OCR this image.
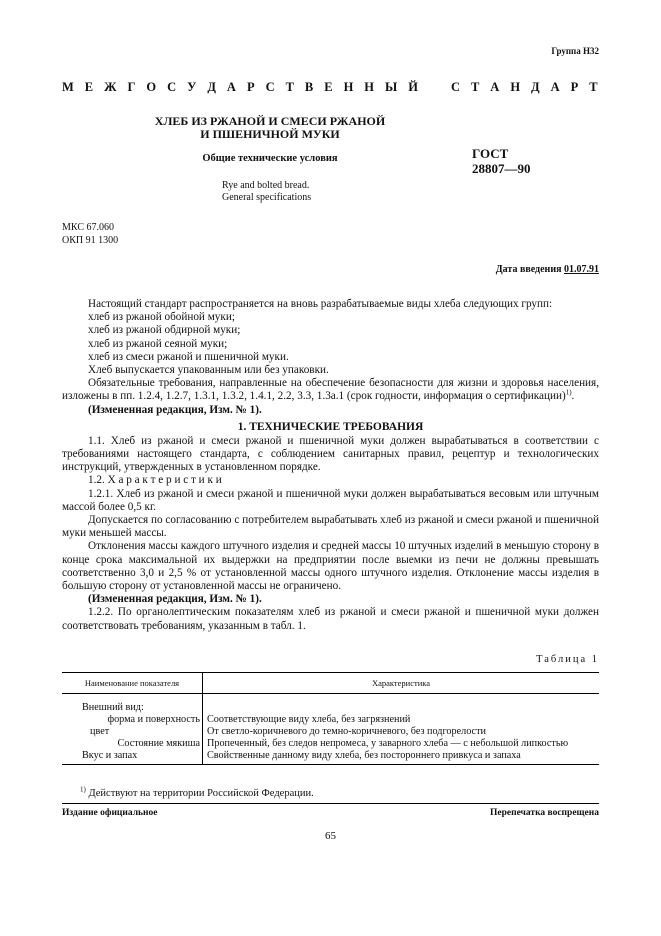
Группа Н32
М Е Ж Г О С У Д А Р С Т В Е Н Н Ы Й	С Т А Н Д А Р Т
ХЛЕБ ИЗ РЖАНОЙ И СМЕСИ РЖАНОЙ
И ПШЕНИЧНОЙ МУКИ
Общие технические условия	ГОСТ
28807—90
Rye and bolted bread.
General specifications
МКС 67.060
ОКП 91 1300
Дата введения 01.07.91
Настоящий стандарт распространяется на вновь разрабатываемые виды хлеба следующих групп:
хлеб из ржаной обойной муки;
хлеб из ржаной обдирной муки;
хлеб из ржаной сеяной муки;
хлеб из смеси ржаной и пшеничной муки.
Хлеб выпускается упакованным или без упаковки.
Обязательные требования, направленные на обеспечение безопасности для жизни и здоровья населения, изложены в пп. 1.2.4, 1.2.7, 1.3.1, 1.3.2, 1.4.1, 2.2, 3.3, 1.3а.1 (срок годности, информация о сертификации)$^{1)}$.
(Измененная редакция, Изм. № 1).
1. ТЕХНИЧЕСКИЕ ТРЕБОВАНИЯ
1.1. Хлеб из ржаной и смеси ржаной и пшеничной муки должен вырабатываться в соответствии с требованиями настоящего стандарта, с соблюдением санитарных правил, рецептур и технологических инструкций, утвержденных в установленном порядке.
1.2. Х а р а к т е р и с т и к и
1.2.1. Хлеб из ржаной и смеси ржаной и пшеничной муки должен вырабатываться весовым или штучным массой более 0,5 кг.
Допускается по согласованию с потребителем вырабатывать хлеб из ржаной и смеси ржаной и пшеничной муки меньшей массы.
Отклонения массы каждого штучного изделия и средней массы 10 штучных изделий в меньшую сторону в конце срока максимальной их выдержки на предприятии после выемки из печи не должны превышать соответственно 3,0 и 2,5 % от установленной массы одного штучного изделия. Отклонение массы изделия в большую сторону от установленной массы не ограничено.
(Измененная редакция, Изм. № 1).
1.2.2. По органолептическим показателям хлеб из ржаной и смеси ржаной и пшеничной муки должен соответствовать требованиям, указанным в табл. 1.
Таблица 1
Наименование показателя	Характеристика
Внешний вид:	
форма и поверхность	Соответствующие виду хлеба, без загрязнений
цвет	От светло-коричневого до темно-коричневого, без подгорелости
Состояние мякиша	Пропеченный, без следов непромеса, у заварного хлеба — с небольшой липкостью
Вкус и запах	Свойственные данному виду хлеба, без постороннего привкуса и запаха
$^{1)}$ Действуют на территории Российской Федерации.
Издание официальное	Перепечатка воспрещена
65
